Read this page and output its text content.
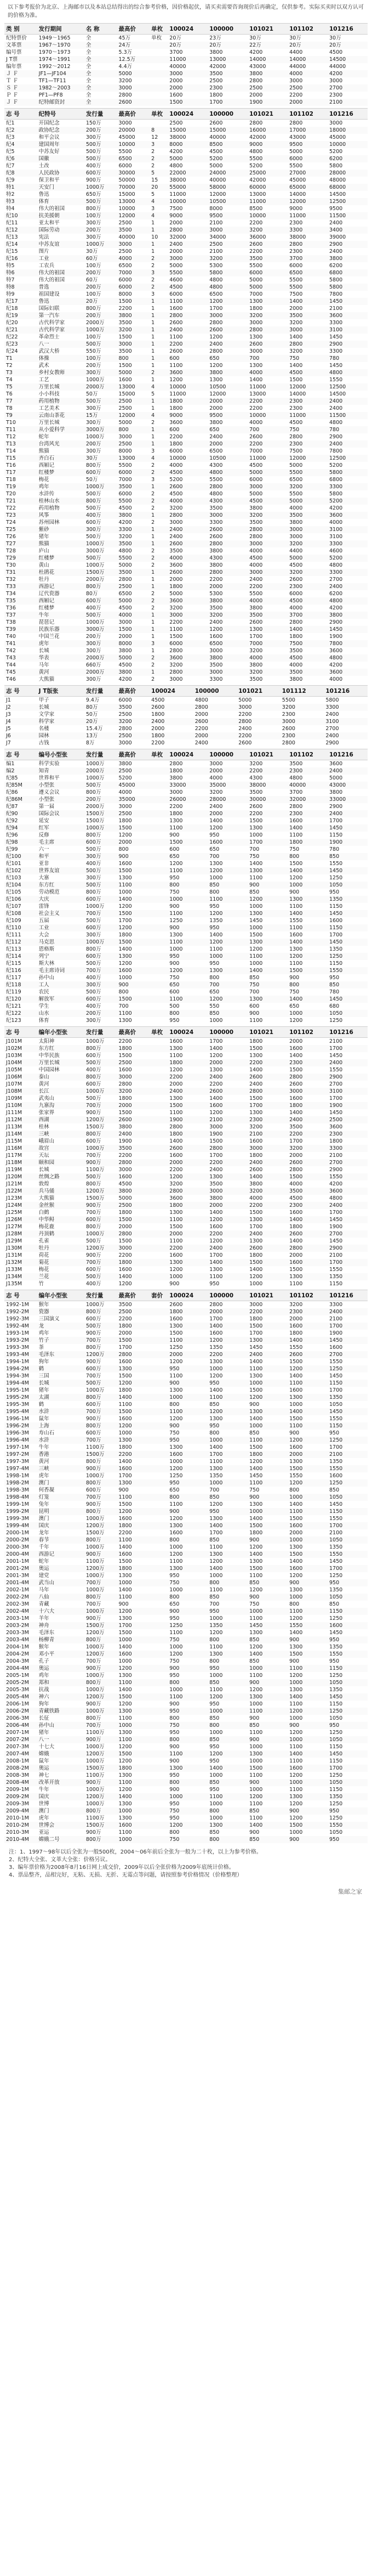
以下参考报价为北京、上海邮市以及本站总结得出的综合参考价格，因价格起伏，请买卖需要咨询现价后再确定，仅供参考。实际买卖时以双方认可的价格为准。
类 别	发行期间	名 称	最高价	单枚	100024	100000	101021	101102	101216
纪特票价	1949～1965	全	45万	单枚	20万	23万	30万	30万	30万
文革票	1967～1970	全	24万		20万	20万	22万	20万	20万
编号票	1970～1973	全	5.3万		3700	3800	4200	4400	4500
J T票	1974～1991	全	12.5万		11000	13000	14000	14000	14500
编年票	1992～2012	全	4.4万		40000	42000	43000	44000	44000
Ｊ Ｆ	JF1—JF104	全	5000		3000	3500	3800	4000	4200
Ｔ Ｆ	TF1—TF11	全	3200		2000	2500	2800	3000	3000
Ｓ Ｆ	1982～2003	全	3000		2000	2300	2500	2500	2700
Ｐ Ｆ	PF1—PF8	全	2800		1600	1800	2000	2200	2300
Ｊ Ｆ	纪特邮资封	全	2600		1500	1700	1900	2000	2100
志 号	纪特号	发行量	最高价	单枚	100024	100000	101021	101102	101216
纪1	开国纪念	150万	3000		2500	2600	2800	2800	3000
纪2	政协纪念	200万	20000	8	15000	15000	16000	17000	18000
纪3	和平会议	300万	45000	12	38000	40000	42000	43000	45000
纪4	建国周年	500万	10000	3	8000	8500	9000	9500	10000
纪5	中苏友好	500万	5500	2	4200	4500	4800	5000	5200
纪6	国徽	500万	6500	2	5000	5200	5500	6000	6200
纪7	土改	400万	6000	2	4800	5000	5200	5500	5800
纪8	人民政协	600万	30000	5	22000	24000	25000	27000	28000
纪9	保卫和平	900万	50000	15	38000	40000	42000	45000	48000
特1	天安门	1000万	70000	20	55000	58000	60000	65000	68000
特2	鲁迅	650万	15000	5	11000	12000	13000	14000	14500
特3	体育	500万	13000	4	10000	10500	11000	12000	12500
特4	伟大的祖国	800万	10000	3	7500	8000	8500	9000	9500
纪10	抗美援朝	100万	12000	4	9000	9500	10000	11000	11500
纪11	亚太和平	300万	2500	1	2000	2100	2200	2300	2400
纪12	国际劳动	200万	3500	1	2800	3000	3200	3300	3400
纪13	宪法	300万	40000	10	32000	34000	36000	38000	39000
纪14	中苏友谊	1000万	3000	1	2400	2500	2600	2800	2900
纪15	图片	30万	2500	1	2000	2100	2200	2300	2400
纪16	工业	60万	4000	2	3000	3200	3500	3700	3800
特5	工农兵	100万	6500	2	5000	5300	5500	6000	6200
特6	伟大的祖国	200万	7000	3	5500	5800	6000	6500	6800
特7	伟大的祖国	60万	6000	2	4600	4800	5000	5500	5800
特8	普选	200万	6000	2	4500	4800	5000	5500	5800
特9	祖国建设	100万	8000	3	6000	6500	7000	7500	7800
纪17	鲁迅	20万	1500	1	1100	1200	1300	1400	1450
纪18	国际妇联	800万	2200	1	1600	1700	1800	2000	2100
纪19	第一汽车	200万	3800	1	2800	3000	3200	3500	3600
纪20	古代科学家	2000万	3500	1	2600	2800	3000	3200	3300
纪21	古代科学家	1000万	3200	1	2400	2600	2800	3000	3100
纪22	革命烈士	100万	1500	1	1100	1200	1300	1400	1450
纪23	八一	500万	3000	1	2200	2400	2600	2800	2900
纪24	武汉大桥	550万	3500	1	2600	2800	3000	3200	3300
T1	体操	100万	800	1	600	650	700	750	780
T2	武术	200万	1500	1	1100	1200	1300	1400	1450
T3	乡村女教师	300万	5000	2	3600	3800	4000	4500	4800
T4	工艺	1000万	1600	1	1200	1300	1400	1500	1550
T5	万里长城	2000万	13000	4	10000	10500	11000	12000	12500
T6	小小科技	50万	15000	5	11000	12000	13000	14000	14500
T7	药用植物	500万	2500	1	1800	2000	2200	2300	2400
T8	工艺美术	300万	2500	1	1800	2000	2200	2300	2400
T9	云南山茶花	15万	12000	4	9000	9500	10000	11000	11500
T10	万里长城	300万	5000	2	3600	3800	4000	4500	4800
T11	从小爱科学	3000万	800	1	600	650	700	750	780
T12	蛇年	1000万	3000	1	2200	2400	2600	2800	2900
T13	台湾风光	200万	2500	1	1800	2000	2200	2300	2400
T14	熊猫	300万	8000	3	6000	6500	7000	7500	7800
T15	齐白石	30万	13000	4	10000	10500	11000	12000	12500
T16	西厢记	800万	5500	2	4000	4300	4500	5000	5200
T17	红楼梦	600万	6000	2	4500	4800	5000	5500	5800
T18	梅花	50万	7000	3	5200	5500	6000	6500	6800
T19	鸡年	1000万	3500	1	2600	2800	3000	3200	3300
T20	水浒传	500万	6000	2	4500	4800	5000	5500	5800
T21	桂林山水	800万	5500	2	4000	4300	4500	5000	5200
T22	药用植物	500万	4500	2	3200	3500	3800	4000	4200
T23	风筝	400万	3800	1	2800	3000	3200	3500	3600
T24	苏州园林	600万	4200	2	3000	3300	3500	3800	4000
T25	紫砂	300万	3300	1	2400	2600	2800	3000	3100
T26	猪年	500万	3200	1	2400	2600	2800	3000	3100
T27	熊猫	1000万	3500	1	2600	2800	3000	3200	3300
T28	庐山	3000万	4800	2	3500	3800	4000	4400	4600
T29	红楼梦	500万	5500	2	4000	4300	4500	5000	5200
T30	黄山	1000万	5000	2	3600	3800	4000	4500	4800
T31	杜鹃花	1500万	3500	1	2600	2800	3000	3200	3300
T32	牡丹	2000万	2800	1	2000	2200	2400	2600	2700
T33	西游记	800万	2500	1	1800	2000	2200	2300	2400
T34	辽代瓷器	80万	6500	2	5000	5300	5500	6000	6200
T35	西厢记	600万	5000	2	3600	3800	4000	4500	4800
T36	红楼梦	400万	4500	2	3200	3500	3800	4000	4200
T37	牛年	500万	4000	1	3000	3200	3500	3700	3800
T38	琵琶记	1000万	3000	1	2200	2400	2600	2800	2900
T39	民族乐器	3000万	1500	1	1100	1200	1300	1400	1450
T40	中国兰花	200万	2000	1	1500	1600	1700	1800	1900
T41	虎年	300万	8000	3	6000	6500	7000	7500	7800
T42	长城	300万	3800	1	2800	3000	3200	3500	3600
T43	华表	2000万	5000	2	3600	3800	4000	4500	4800
T44	马年	660万	4500	2	3200	3500	3800	4000	4200
T45	黄河	2000万	3800	1	2800	3000	3200	3500	3600
T46	大熊猫	300万	4200	2	3000	3300	3500	3800	4000
志 号	J T版张	发行量	最高价	100024	100000	101021	101112	101216
J1	甲子	9.4万	6000	4500	4800	5000	5500	5800
J2	长城	80万	3500	2600	2800	3000	3200	3300
J3	文学家	50万	2500	1800	2000	2200	2300	2400
J4	科学家	20万	3200	2400	2600	2800	3000	3100
J5	名楼	15.4万	2800	2000	2200	2400	2600	2700
J6	园林	13万	2500	1800	2000	2200	2300	2400
J7	古钱	8万	3000	2200	2400	2600	2800	2900
志 号	编号小型张	发行量	最高价	单枚	100024	100000	101021	101102	101216
编1	科学实验	1000万	3800		2800	3000	3200	3500	3600
编2	知青	2000万	2500		1800	2000	2200	2300	2400
纪85	世界和平	1000万	5200		3800	4000	4300	4800	5000
纪85M	小型张	500万	45000		33000	35000	38000	40000	43000
纪86	遵义会议	800万	4000		3000	3200	3500	3700	3800
纪86M	小型张	200万	35000		26000	28000	30000	32000	33000
纪87	第一届	2000万	3000		2200	2400	2600	2800	2900
纪90	国际会议	1500万	2500		1800	2000	2200	2300	2400
纪92	延安	1500万	1800		1300	1400	1500	1600	1700
纪94	红军	1000万	1500		1100	1200	1300	1400	1450
纪96	反修	800万	1200		900	950	1000	1100	1150
纪98	毛主席	600万	2000		1500	1600	1700	1800	1900
纪99	六一	500万	800		600	650	700	750	780
纪100	和平	300万	900		650	700	750	800	850
纪101	亚非	400万	1600		1200	1300	1400	1500	1550
纪102	世界友谊	500万	1500		1100	1200	1300	1400	1450
纪103	大寨	300万	1300		950	1000	1100	1200	1250
纪104	东方红	500万	1100		800	850	900	1000	1050
纪105	劳动模范	800万	1000		750	800	850	900	950
纪106	大庆	600万	1400		1000	1100	1200	1300	1350
纪107	雷锋	1000万	1200		900	950	1000	1100	1150
纪108	社会主义	700万	1500		1100	1200	1300	1400	1450
纪109	五届	500万	1700		1250	1350	1450	1550	1600
纪110	工业	600万	1200		900	950	1000	1100	1150
纪111	大会	300万	1800		1300	1400	1500	1600	1700
纪112	马克思	1000万	1500		1100	1200	1300	1400	1450
纪113	恩格斯	800万	1400		1000	1100	1200	1300	1350
纪114	列宁	600万	1300		950	1000	1100	1200	1250
纪115	斯大林	500万	1200		900	950	1000	1100	1150
纪116	毛主席诗词	700万	1600		1200	1300	1400	1500	1550
纪117	孙中山	400万	1000		750	800	850	900	950
纪118	工人	300万	900		650	700	750	800	850
纪119	农民	500万	800		600	650	700	750	780
纪120	解放军	600万	1500		1100	1200	1300	1400	1450
纪121	学生	400万	700		500	550	600	650	680
纪122	山水	200万	1100		800	850	900	1000	1050
纪123	体育	300万	1300		950	1000	1100	1200	1250
志 号	编年小型张	发行量	最高价	单枚	100024	100000	101021	101102	101216
J101M	太阳神	1000万	2200		1600	1700	1800	2000	2100
J102M	东方红	800万	1800		1300	1400	1500	1600	1700
J103M	中华民族	600万	1500		1100	1200	1300	1400	1450
J104M	万里长城	500万	2500		1800	2000	2200	2300	2400
J105M	中国园林	400万	1600		1200	1300	1400	1500	1550
J106M	泰山	800万	3000		2200	2400	2600	2800	2900
J107M	黄河	600万	2800		2000	2200	2400	2600	2700
J108M	长江	1000万	3200		2400	2600	2800	3000	3100
J109M	武夷山	500万	1800		1300	1400	1500	1600	1700
J110M	九寨沟	700万	2000		1500	1600	1700	1800	1900
J111M	张家界	900万	1500		1100	1200	1300	1400	1450
J112M	西湖	1200万	2600		1900	2100	2300	2400	2500
J113M	桂林	1500万	3800		2800	3000	3200	3500	3600
J114M	三峡	800万	2400		1800	1900	2100	2200	2300
J115M	峨眉山	600万	1900		1400	1500	1600	1700	1800
J116M	故宫	1000万	3500		2600	2800	3000	3200	3300
J117M	天坛	700万	2200		1600	1700	1800	2000	2100
J118M	颐和园	900万	2800		2000	2200	2400	2600	2700
J119M	长城	1100万	3000		2200	2400	2600	2800	2900
J120M	丝绸之路	500万	1600		1200	1300	1400	1500	1550
J121M	敦煌	800万	4500		3200	3500	3800	4000	4200
J122M	兵马俑	1200万	3800		2800	3000	3200	3500	3600
J123M	大熊猫	1500万	5000		3600	3800	4000	4500	4800
J124M	金丝猴	900万	2500		1800	2000	2200	2300	2400
J125M	白鹤	700万	1800		1300	1400	1500	1600	1700
J126M	中华鲟	600万	1500		1100	1200	1300	1400	1450
J127M	梅花鹿	800万	2000		1500	1600	1700	1800	1900
J128M	丹顶鹤	1000万	2800		2000	2200	2400	2600	2700
J129M	孔雀	500万	1500		1100	1200	1300	1400	1450
J130M	牡丹	1200万	3000		2200	2400	2600	2800	2900
J131M	荷花	900万	2200		1600	1700	1800	2000	2100
J132M	菊花	700万	1800		1300	1400	1500	1600	1700
J133M	梅花	600万	1600		1200	1300	1400	1500	1550
J134M	兰花	500万	1400		1000	1100	1200	1300	1350
J135M	竹	400万	1200		900	950	1000	1100	1150
志 号	编年小型张	发行量	最高价	套价	100024	100000	101021	101102	101216
1992-1M	猴年	1000万	3500		2600	2800	3000	3200	3300
1992-2M	瓷器	800万	2500		1800	2000	2200	2300	2400
1992-3M	三国演义	600万	2200		1600	1700	1800	2000	2100
1992-4M	龙	500万	1800		1300	1400	1500	1600	1700
1993-1M	鸡年	900万	2000		1500	1600	1700	1800	1900
1993-2M	竹子	700万	1500		1100	1200	1300	1400	1450
1993-3M	茶	800万	1700		1250	1350	1450	1550	1600
1993-4M	毛泽东	1200万	2800		2000	2200	2400	2600	2700
1994-1M	狗年	900万	1600		1200	1300	1400	1500	1550
1994-2M	鹤	600万	1300		950	1000	1100	1200	1250
1994-3M	三国	700万	1500		1100	1200	1300	1400	1450
1994-4M	长城	500万	1200		900	950	1000	1100	1150
1995-1M	猪年	1000万	1800		1300	1400	1500	1600	1700
1995-2M	太湖	800万	1400		1000	1100	1200	1300	1350
1995-3M	鹤	600万	1100		800	850	900	1000	1050
1995-4M	水浒	700万	1500		1100	1200	1300	1400	1450
1996-1M	鼠年	900万	1600		1200	1300	1400	1500	1550
1996-2M	上海	800万	1200		900	950	1000	1100	1150
1996-3M	寿山石	600万	1000		750	800	850	900	950
1996-4M	水浒	700万	1300		950	1000	1100	1200	1250
1997-1M	牛年	1100万	1800		1300	1400	1500	1600	1700
1997-2M	香港	1500万	2200		1600	1700	1800	2000	2100
1997-3M	黄河	800万	1400		1000	1100	1200	1300	1350
1997-4M	三峡	900万	1600		1200	1300	1400	1500	1550
1998-1M	虎年	1000万	1700		1250	1350	1450	1550	1600
1998-2M	澳门	800万	1300		950	1000	1100	1200	1250
1998-3M	何香凝	600万	900		650	700	750	800	850
1998-4M	灯笼	700万	1100		800	850	900	1000	1050
1999-1M	兔年	900万	1500		1100	1200	1300	1400	1450
1999-2M	昆明	800万	1200		900	950	1000	1100	1150
1999-3M	澳门	1000万	1600		1200	1300	1400	1500	1550
1999-4M	国庆	1200万	1800		1300	1400	1500	1600	1700
2000-1M	龙年	1500万	2200		1600	1700	1800	2000	2100
2000-2M	春节	800万	1100		800	850	900	1000	1050
2000-3M	千年	1000万	1400		1000	1100	1200	1300	1350
2000-4M	西游记	900万	1600		1200	1300	1400	1500	1550
2001-1M	蛇年	1100万	1500		1100	1200	1300	1400	1450
2001-2M	奥运	1200万	1800		1300	1400	1500	1600	1700
2001-3M	建党	1000万	1300		950	1000	1100	1200	1250
2001-4M	武当山	700万	1000		750	800	850	900	950
2002-1M	马年	1000万	1400		1000	1100	1200	1300	1350
2002-2M	八仙	800万	1100		800	850	900	1000	1050
2002-3M	青藏	700万	900		650	700	750	800	850
2002-4M	十六大	1000万	1200		900	950	1000	1100	1150
2003-1M	羊年	900万	1300		950	1000	1100	1200	1250
2003-2M	神舟	1500万	1700		1250	1350	1450	1550	1600
2003-3M	毛泽东	1200万	1500		1100	1200	1300	1400	1450
2003-4M	杨柳青	800万	1000		750	800	850	900	950
2004-1M	猴年	1000万	1400		1000	1100	1200	1300	1350
2004-2M	邓小平	1200万	1600		1200	1300	1400	1500	1550
2004-3M	孔子	700万	1000		750	800	850	900	950
2004-4M	奥运	900万	1200		900	950	1000	1100	1150
2005-1M	鸡年	1000万	1300		950	1000	1100	1200	1250
2005-2M	郑和	800万	1100		800	850	900	1000	1050
2005-3M	抗战	1000万	1400		1000	1100	1200	1300	1350
2005-4M	神六	1200万	1500		1100	1200	1300	1400	1450
2006-1M	狗年	900万	1200		900	950	1000	1100	1150
2006-2M	青藏铁路	1000万	1300		950	1000	1100	1200	1250
2006-3M	长征	800万	1100		800	850	900	1000	1050
2006-4M	孙中山	700万	1000		750	800	850	900	950
2007-1M	猪年	1100万	1300		950	1000	1100	1200	1250
2007-2M	八一	900万	1100		800	850	900	1000	1050
2007-3M	十七大	1000万	1200		900	950	1000	1100	1150
2007-4M	嫦娥	1200万	1500		1100	1200	1300	1400	1450
2008-1M	鼠年	1000万	1200		900	950	1000	1100	1150
2008-2M	奥运	1500万	1800		1300	1400	1500	1600	1700
2008-3M	神七	1100万	1300		950	1000	1100	1200	1250
2008-4M	改革开放	900万	1100		800	850	900	1000	1050
2009-1M	牛年	1000万	1200		900	950	1000	1100	1150
2009-2M	国庆	1200万	1400		1000	1100	1200	1300	1350
2009-3M	世博	1000万	1300		950	1000	1100	1200	1250
2009-4M	澳门	800万	1000		750	800	850	900	950
2010-1M	虎年	1100万	1300		950	1000	1100	1200	1250
2010-2M	世博会	1500万	1600		1200	1300	1400	1500	1550
2010-3M	亚运	900万	1100		800	850	900	1000	1050
2010-4M	嫦娥二号	800万	1000		750	800	850	900	950
注：1、1997～98年以后全张为一般500枚，2004～06年前后全张为一般为二十枚，以上为参考价格。
2、纪特大全张、文革大全张：价格另议。
3、编年票价格为2008年8月16日网上成交价，2009年以后全张价格为2009年底统计价格。
4、票品整齐，品相完好，无粘、无损、无折、无霉点等问题，请按照参考价格情况（价格整理）
集邮之家
